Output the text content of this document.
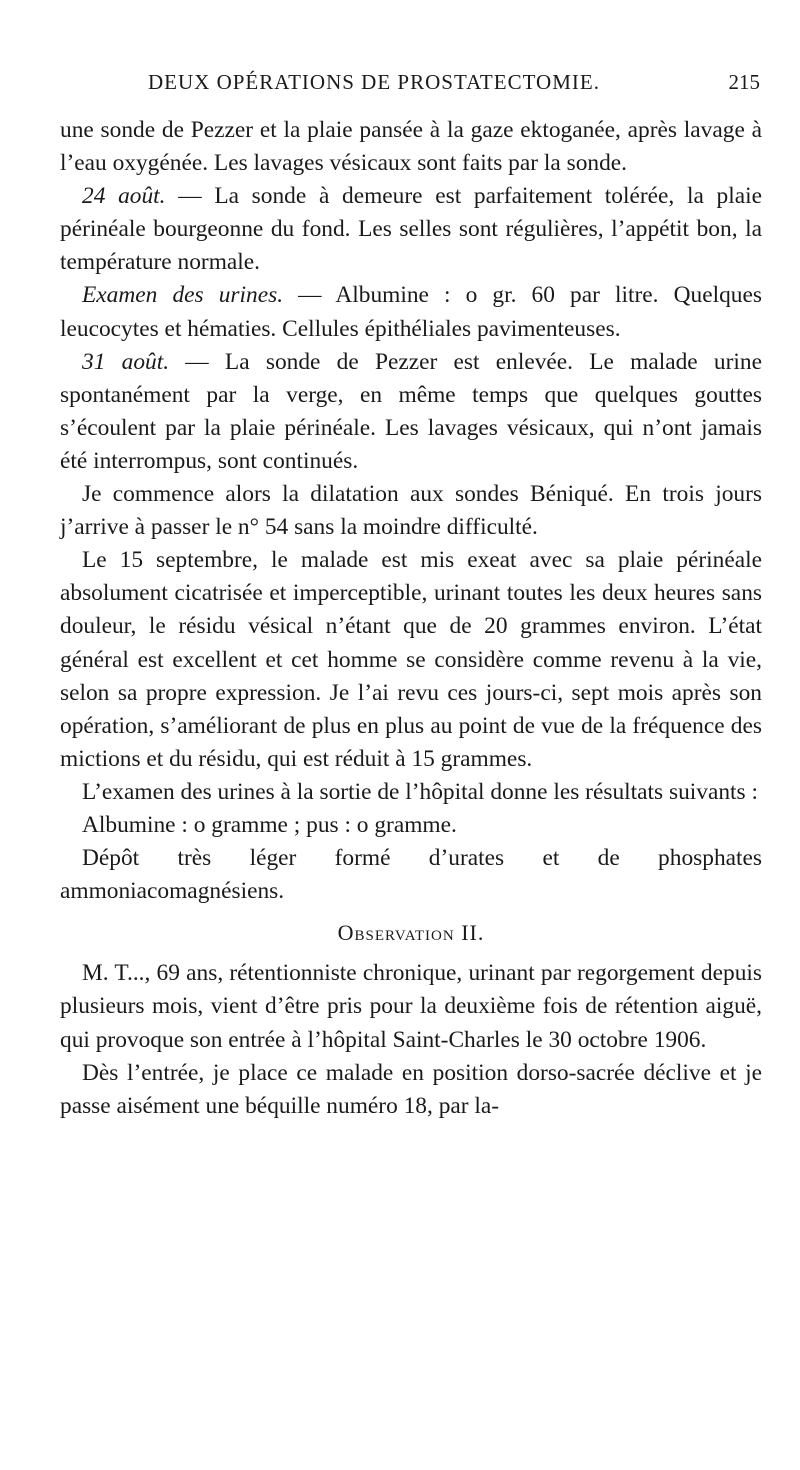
DEUX OPÉRATIONS DE PROSTATECTOMIE.	215

une sonde de Pezzer et la plaie pansée à la gaze ektoganée, après lavage à l’eau oxygénée. Les lavages vésicaux sont faits par la sonde.

24 août. — La sonde à demeure est parfaitement tolérée, la plaie périnéale bourgeonne du fond. Les selles sont régulières, l’appétit bon, la température normale.

Examen des urines. — Albumine : o gr. 60 par litre. Quelques leucocytes et hématies. Cellules épithéliales pavimenteuses.

31 août. — La sonde de Pezzer est enlevée. Le malade urine spontanément par la verge, en même temps que quelques gouttes s’écoulent par la plaie périnéale. Les lavages vésicaux, qui n’ont jamais été interrompus, sont continués.

Je commence alors la dilatation aux sondes Béniqué. En trois jours j’arrive à passer le n° 54 sans la moindre difficulté.

Le 15 septembre, le malade est mis exeat avec sa plaie périnéale absolument cicatrisée et imperceptible, urinant toutes les deux heures sans douleur, le résidu vésical n’étant que de 20 grammes environ. L’état général est excellent et cet homme se considère comme revenu à la vie, selon sa propre expression. Je l’ai revu ces jours-ci, sept mois après son opération, s’améliorant de plus en plus au point de vue de la fréquence des mictions et du résidu, qui est réduit à 15 grammes.

L’examen des urines à la sortie de l’hôpital donne les résultats suivants :

Albumine : o gramme ; pus : o gramme.

Dépôt très léger formé d’urates et de phosphates ammoniacomagnésiens.

Observation II.

M. T..., 69 ans, rétentionniste chronique, urinant par regorgement depuis plusieurs mois, vient d’être pris pour la deuxième fois de rétention aiguë, qui provoque son entrée à l’hôpital Saint-Charles le 30 octobre 1906.

Dès l’entrée, je place ce malade en position dorso-sacrée déclive et je passe aisément une béquille numéro 18, par la-
